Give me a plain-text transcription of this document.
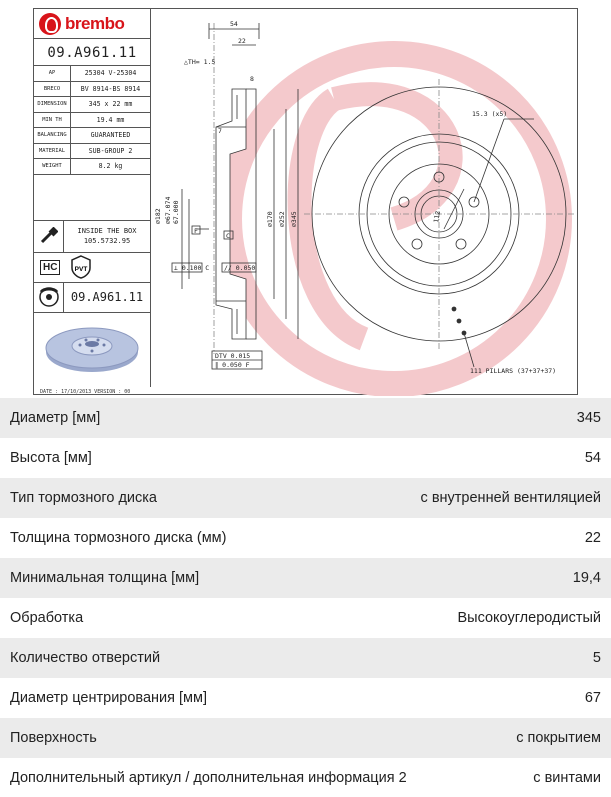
54
22
△TH= 1.5
8
7
F
C
⊥ 0.100 C // 0.050
DTV 0.015
∥ 0.050 F
∅182 ∅67.074 67.000	∅170 ∅252 ∅345
15.3 (x5)
112
111 PILLARS (37+37+37)
brembo
09.A961.11
AP	25304 V-25304
BRECO	BV 8914-BS 8914
DIMENSION	345 x 22 mm
MIN TH	19.4 mm
BALANCING	GUARANTEED
MATERIAL	SUB-GROUP 2
WEIGHT	8.2 kg
INSIDE THE BOX
105.5732.95
HC	PVT
09.A961.11
DATE : 17/10/2013 VERSION : 00
Диаметр [мм]	345
Высота [мм]	54
Тип тормозного диска	с внутренней вентиляцией
Толщина тормозного диска (мм)	22
Минимальная толщина [мм]	19,4
Обработка	Высокоуглеродистый
Количество отверстий	5
Диаметр центрирования [мм]	67
Поверхность	с покрытием
Дополнительный артикул / дополнительная информация 2	с винтами
